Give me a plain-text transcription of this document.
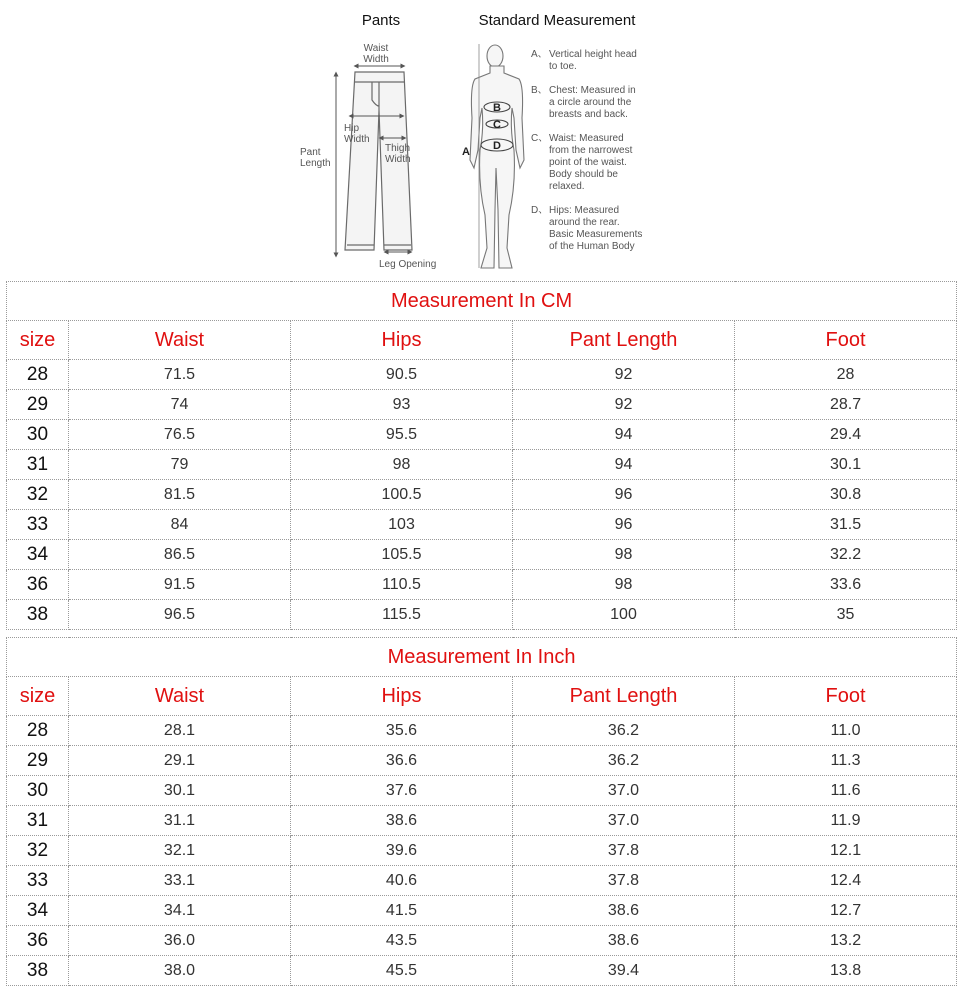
Pants	Standard Measurement
Waist
Width
Hip
Width
Thigh
Width
Pant
Length
Leg Opening
A
B
C
D
A、 Vertical height head
to toe.
B、 Chest: Measured in
a circle around the
breasts and back.
C、 Waist: Measured
from the narrowest
point of the waist.
Body should be
relaxed.
D、 Hips: Measured
around the rear.
Basic Measurements
of the Human Body
Measurement In CM				
size	Waist	Hips	Pant Length	Foot
28	71.5	90.5	92	28
29	74	93	92	28.7
30	76.5	95.5	94	29.4
31	79	98	94	30.1
32	81.5	100.5	96	30.8
33	84	103	96	31.5
34	86.5	105.5	98	32.2
36	91.5	110.5	98	33.6
38	96.5	115.5	100	35
Measurement In Inch				
size	Waist	Hips	Pant Length	Foot
28	28.1	35.6	36.2	11.0
29	29.1	36.6	36.2	11.3
30	30.1	37.6	37.0	11.6
31	31.1	38.6	37.0	11.9
32	32.1	39.6	37.8	12.1
33	33.1	40.6	37.8	12.4
34	34.1	41.5	38.6	12.7
36	36.0	43.5	38.6	13.2
38	38.0	45.5	39.4	13.8
